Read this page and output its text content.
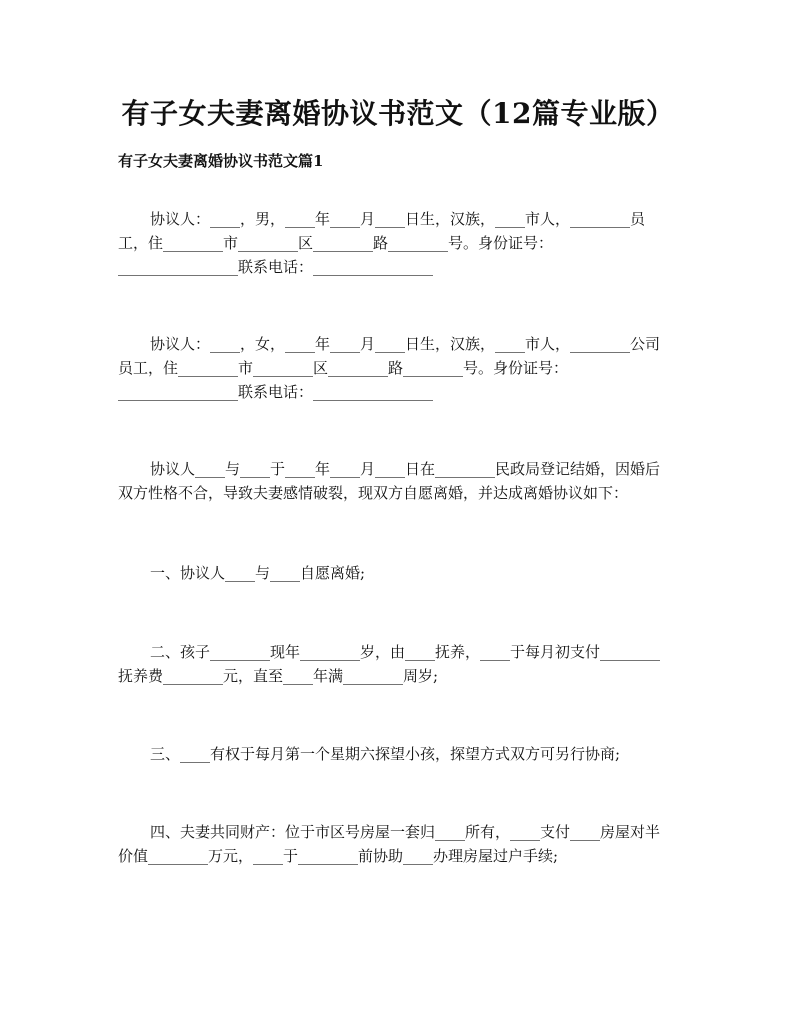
有子女夫妻离婚协议书范文（12篇专业版）
有子女夫妻离婚协议书范文篇1
协议人：____，男，____年____月____日生，汉族，____市人，________员
工，住________市________区________路________号。身份证号：
________________联系电话：________________
协议人：____，女，____年____月____日生，汉族，____市人，________公司
员工，住________市________区________路________号。身份证号：
________________联系电话：________________
协议人____与____于____年____月____日在________民政局登记结婚，因婚后
双方性格不合，导致夫妻感情破裂，现双方自愿离婚，并达成离婚协议如下：
一、协议人____与____自愿离婚;
二、孩子________现年________岁，由____抚养，____于每月初支付________
抚养费________元，直至____年满________周岁;
三、____有权于每月第一个星期六探望小孩，探望方式双方可另行协商;
四、夫妻共同财产：位于市区号房屋一套归____所有，____支付____房屋对半
价值________万元，____于________前协助____办理房屋过户手续;
